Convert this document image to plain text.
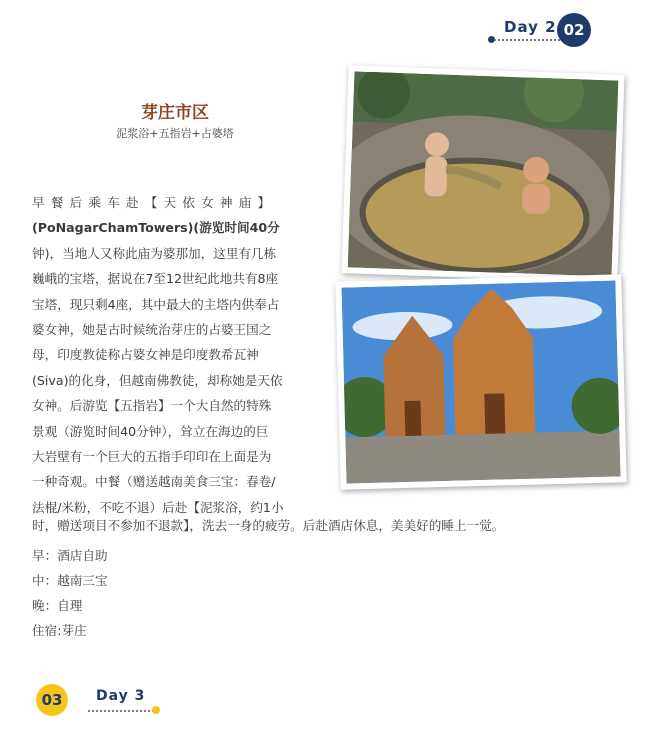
Day 2 02
芽庄市区
泥浆浴+五指岩+占婆塔
早餐后乘车赴【天依女神庙】
(PoNagarChamTowers)(游览时间40分
钟)，当地人又称此庙为婆那加，这里有几栋
巍峨的宝塔，据说在7至12世纪此地共有8座
宝塔，现只剩4座，其中最大的主塔内供奉占
婆女神，她是古时候统治芽庄的占婆王国之
母，印度教徒称占婆女神是印度教希瓦神
(Siva)的化身，但越南佛教徒，却称她是天依
女神。后游览【五指岩】一个大自然的特殊
景观（游览时间40分钟），耸立在海边的巨
大岩壁有一个巨大的五指手印印在上面是为
一种奇观。中餐（赠送越南美食三宝：春卷/
法棍/米粉，不吃不退）后赴【泥浆浴，约1小
时，赠送项目不参加不退款】，洗去一身的疲劳。后赴酒店休息，美美好的睡上一觉。
早：酒店自助
中：越南三宝
晚：自理
住宿:芽庄
03	Day 3
